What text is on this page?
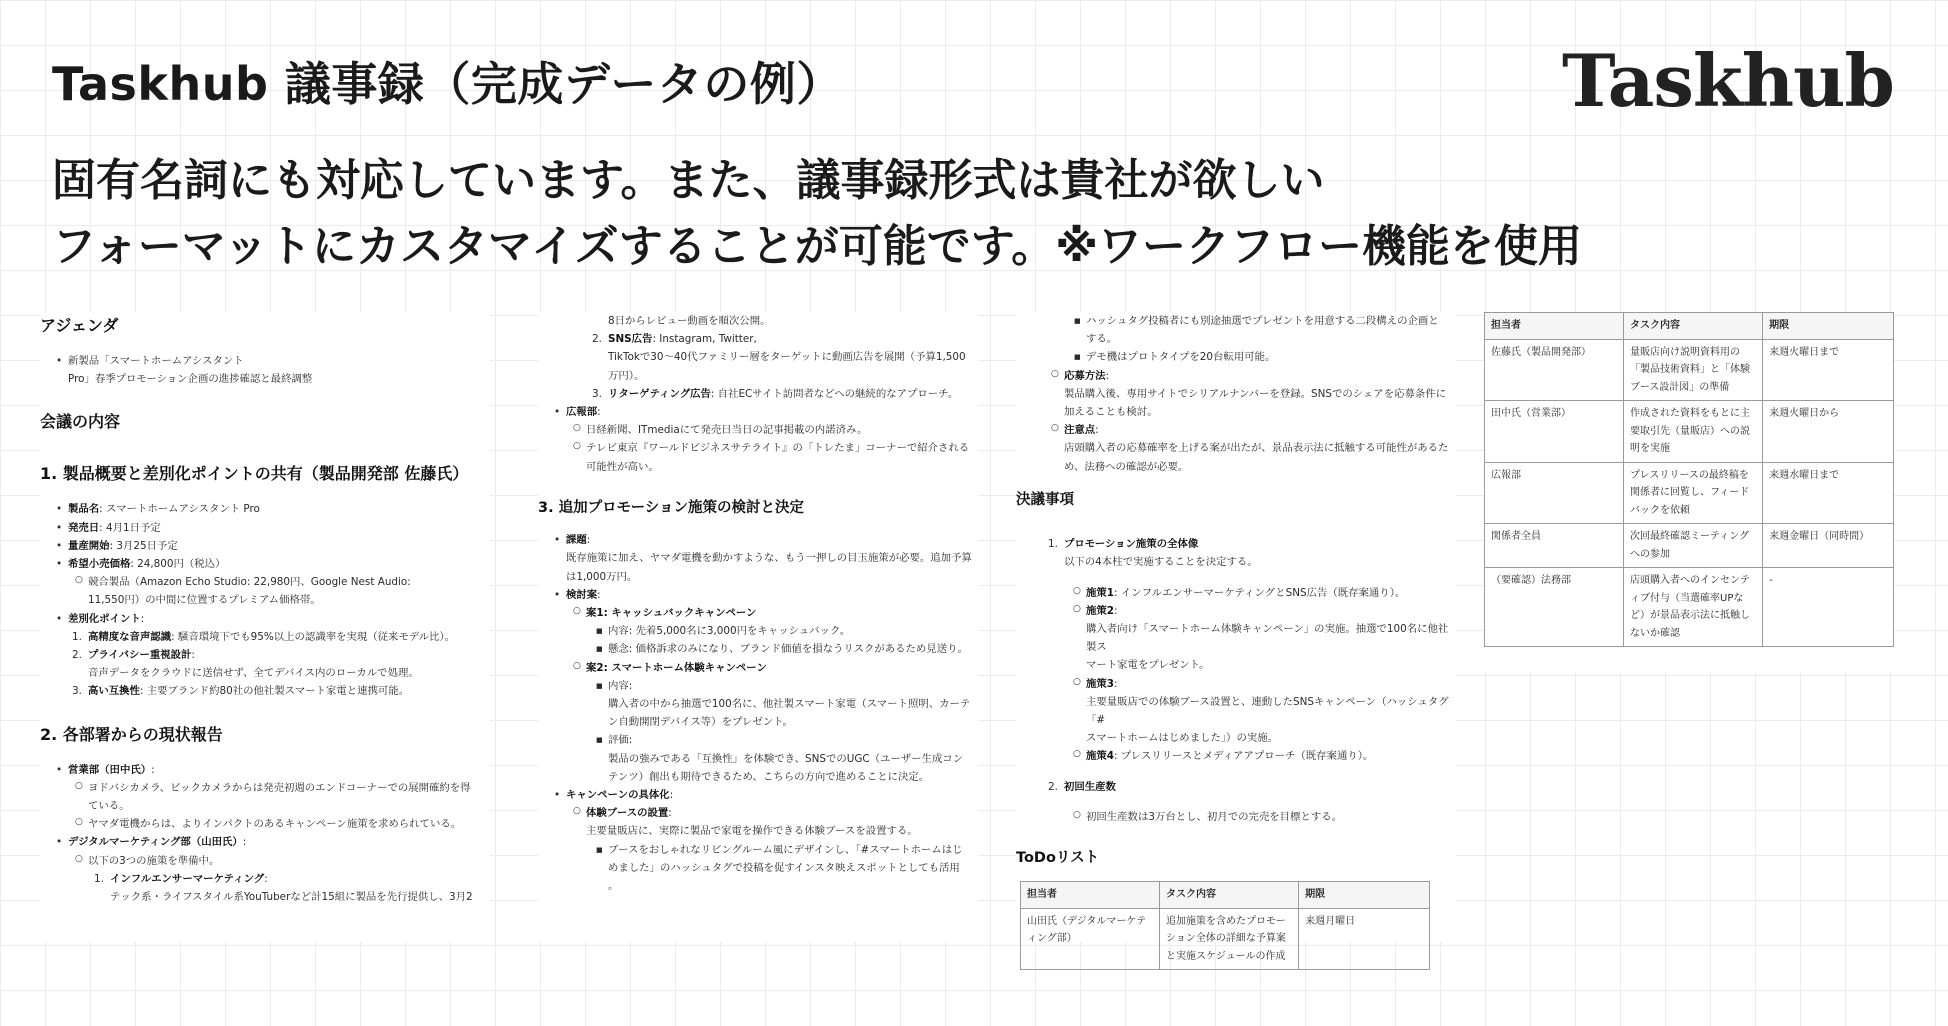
Taskhub 議事録（完成データの例）	Taskhub
固有名詞にも対応しています。また、議事録形式は貴社が欲しい
フォーマットにカスタマイズすることが可能です。※ワークフロー機能を使用

アジェンダ

• 新製品「スマートホームアシスタント

Pro」春季プロモーション企画の進捗確認と最終調整

会議の内容

1. 製品概要と差別化ポイントの共有（製品開発部 佐藤氏）

• 製品名: スマートホームアシスタント Pro
• 発売日: 4月1日予定
• 量産開始: 3月25日予定
• 希望小売価格: 24,800円（税込）

○ 競合製品（Amazon Echo Studio: 22,980円、Google Nest Audio:

11,550円）の中間に位置するプレミアム価格帯。

• 差別化ポイント:
1. 高精度な音声認識: 騒音環境下でも95%以上の認識率を実現（従来モデル比）。
2. プライバシー重視設計:

音声データをクラウドに送信せず、全てデバイス内のローカルで処理。

3. 高い互換性: 主要ブランド約80社の他社製スマート家電と連携可能。

2. 各部署からの現状報告

• 営業部（田中氏）:

○ ヨドバシカメラ、ビックカメラからは発売初週のエンドコーナーでの展開確約を得

ている。

○ ヤマダ電機からは、よりインパクトのあるキャンペーン施策を求められている。

• デジタルマーケティング部（山田氏）:

○ 以下の3つの施策を準備中。

1. インフルエンサーマーケティング:

テック系・ライフスタイル系YouTuberなど計15組に製品を先行提供し、3月2

8日からレビュー動画を順次公開。

2. SNS広告: Instagram, Twitter,

TikTokで30〜40代ファミリー層をターゲットに動画広告を展開（予算1,500

万円）。

3. リターゲティング広告: 自社ECサイト訪問者などへの継続的なアプローチ。
• 広報部:

○ 日経新聞、ITmediaにて発売日当日の記事掲載の内諾済み。

○ テレビ東京『ワールドビジネスサテライト』の「トレたま」コーナーで紹介される

可能性が高い。

3. 追加プロモーション施策の検討と決定

• 課題:

既存施策に加え、ヤマダ電機を動かすような、もう一押しの目玉施策が必要。追加予算

は1,000万円。

• 検討案:
○ 案1: キャッシュバックキャンペーン

■ 内容: 先着5,000名に3,000円をキャッシュバック。

■ 懸念: 価格訴求のみになり、ブランド価値を損なうリスクがあるため見送り。

○ 案2: スマートホーム体験キャンペーン

■ 内容:

購入者の中から抽選で100名に、他社製スマート家電（スマート照明、カーテ

ン自動開閉デバイス等）をプレゼント。

■ 評価:

製品の強みである「互換性」を体験でき、SNSでのUGC（ユーザー生成コン

テンツ）創出も期待できるため、こちらの方向で進めることに決定。

• キャンペーンの具体化:
○ 体験ブースの設置:

主要量販店に、実際に製品で家電を操作できる体験ブースを設置する。

■ ブースをおしゃれなリビングルーム風にデザインし、「#スマートホームはじ

めました」のハッシュタグで投稿を促すインスタ映えスポットとしても活用

。

■ ハッシュタグ投稿者にも別途抽選でプレゼントを用意する二段構えの企画と

する。

■ デモ機はプロトタイプを20台転用可能。

○ 応募方法:

製品購入後、専用サイトでシリアルナンバーを登録。SNSでのシェアを応募条件に

加えることも検討。

○ 注意点:

店頭購入者の応募確率を上げる案が出たが、景品表示法に抵触する可能性があるた

め、法務への確認が必要。

決議事項

1. プロモーション施策の全体像

以下の4本柱で実施することを決定する。

○ 施策1: インフルエンサーマーケティングとSNS広告（既存案通り）。
○ 施策2:

購入者向け「スマートホーム体験キャンペーン」の実施。抽選で100名に他社製ス

マート家電をプレゼント。

○ 施策3:

主要量販店での体験ブース設置と、連動したSNSキャンペーン（ハッシュタグ「#

スマートホームはじめました」）の実施。

○ 施策4: プレスリリースとメディアアプローチ（既存案通り）。
2. 初回生産数

○ 初回生産数は3万台とし、初月での完売を目標とする。

ToDoリスト

担当者	タスク内容	期限
山田氏（デジタルマーケティング部）	追加施策を含めたプロモーション全体の詳細な予算案と実施スケジュールの作成	来週月曜日
担当者	タスク内容	期限
佐藤氏（製品開発部）	量販店向け説明資料用の「製品技術資料」と「体験ブース設計図」の準備	来週火曜日まで
田中氏（営業部）	作成された資料をもとに主要取引先（量販店）への説明を実施	来週火曜日から
広報部	プレスリリースの最終稿を関係者に回覧し、フィードバックを依頼	来週水曜日まで
関係者全員	次回最終確認ミーティングへの参加	来週金曜日（同時間）
（要確認）法務部	店頭購入者へのインセンティブ付与（当選確率UPなど）が景品表示法に抵触しないか確認	-
